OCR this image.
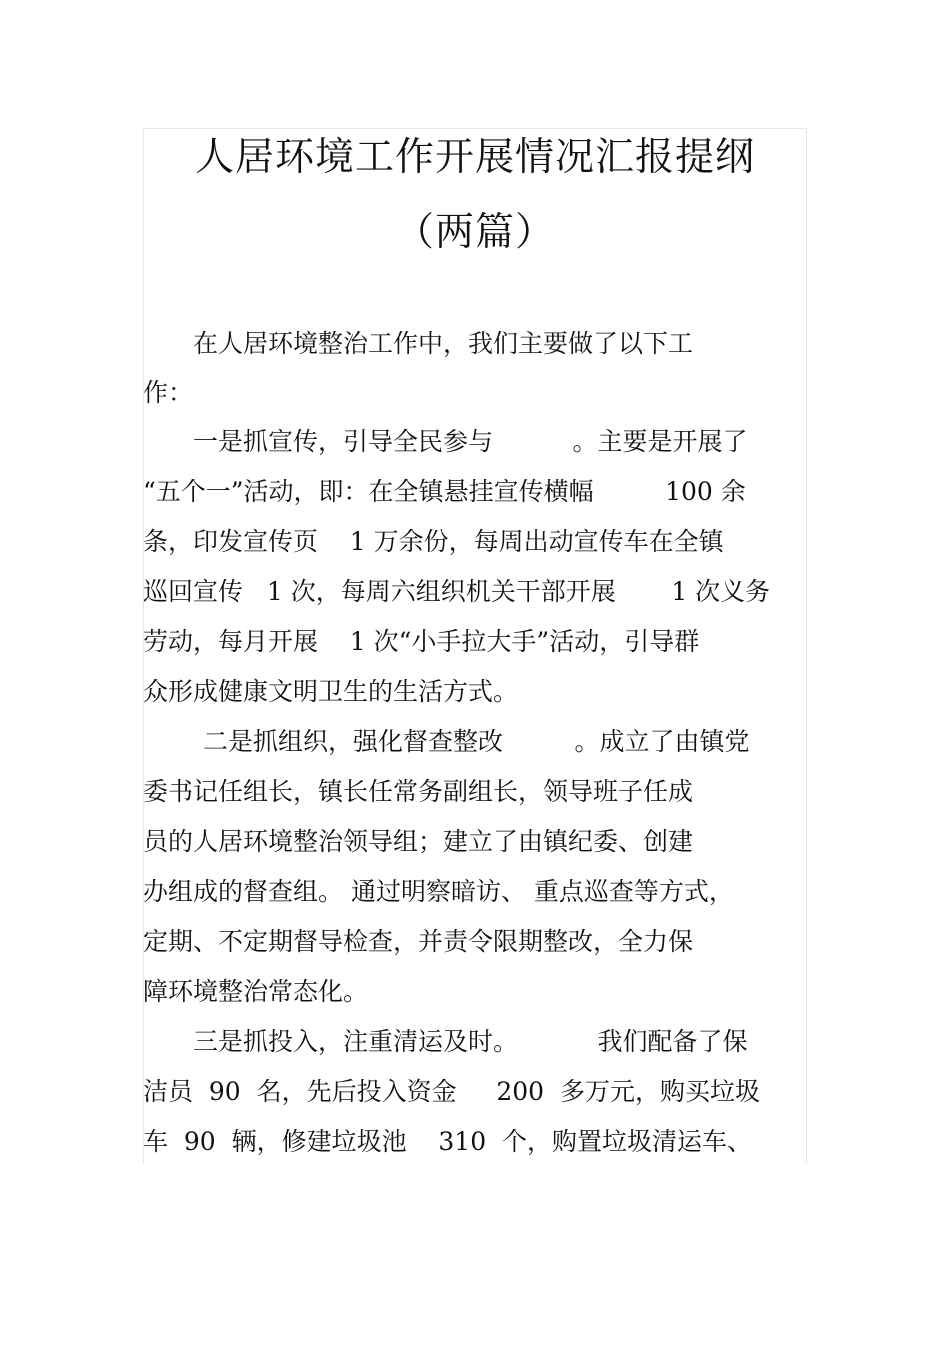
人居环境工作开展情况汇报提纲
（两篇）
在人居环境整治工作中，我们主要做了以下工
作：
一是抓宣传，引导全民参与          。主要是开展了
“五个一”活动，即：在全镇悬挂宣传横幅         100 余
条，印发宣传页    1 万余份，每周出动宣传车在全镇
巡回宣传   1 次，每周六组织机关干部开展       1 次义务
劳动，每月开展    1 次“小手拉大手”活动，引导群
众形成健康文明卫生的生活方式。
二是抓组织，强化督查整改         。成立了由镇党
委书记任组长，镇长任常务副组长，领导班子任成
员的人居环境整治领导组；建立了由镇纪委、创建
办组成的督查组。 通过明察暗访、 重点巡查等方式，
定期、不定期督导检查，并责令限期整改，全力保
障环境整治常态化。
三是抓投入，注重清运及时。          我们配备了保
洁员  90  名，先后投入资金     200  多万元，购买垃圾
车  90  辆，修建垃圾池    310  个，购置垃圾清运车、
